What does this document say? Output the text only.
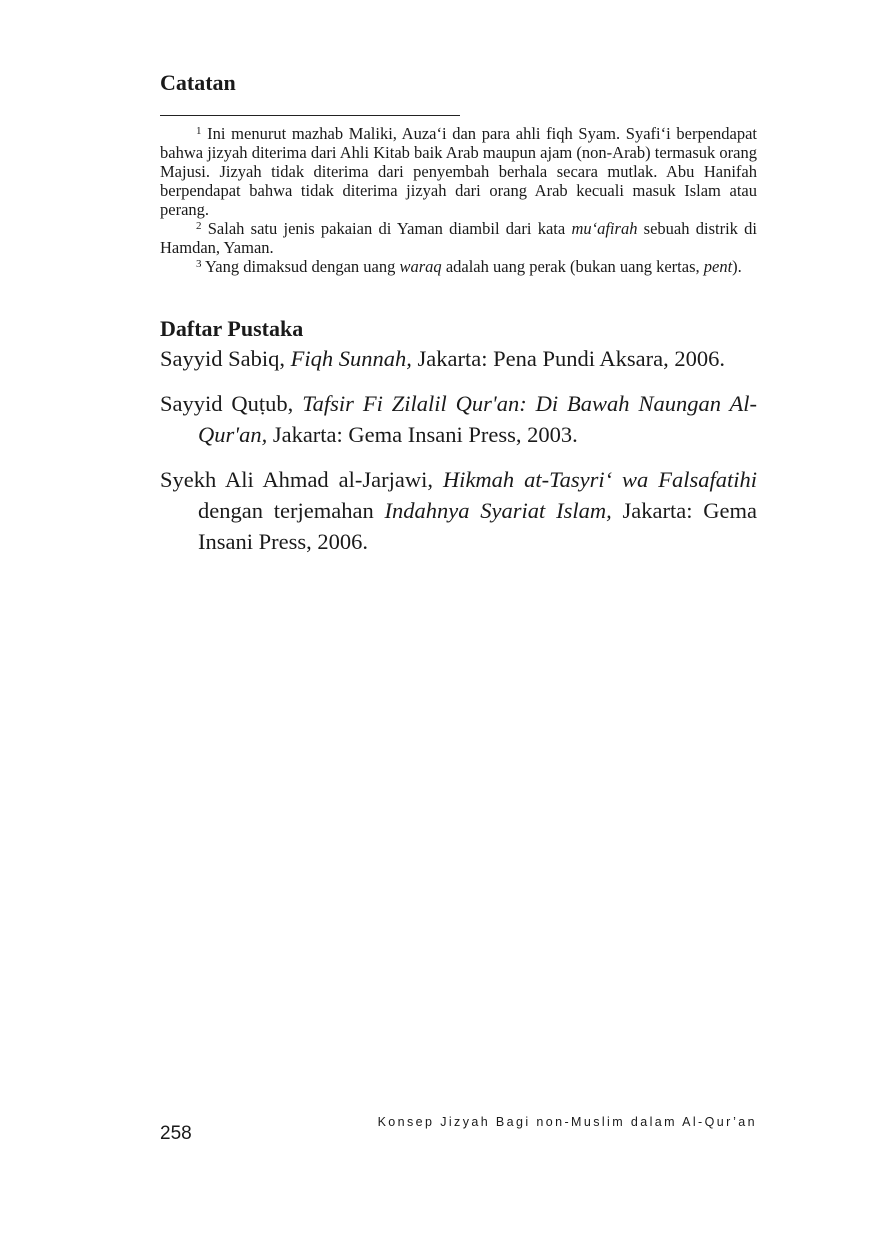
Catatan

$^1$ Ini menurut mazhab Maliki, Auza‘i dan para ahli fiqh Syam. Syafi‘i berpendapat bahwa jizyah diterima dari Ahli Kitab baik Arab maupun ajam (non-Arab) termasuk orang Majusi. Jizyah tidak diterima dari penyembah berhala secara mutlak. Abu Hanifah berpendapat bahwa tidak diterima jizyah dari orang Arab kecuali masuk Islam atau perang.

$^2$ Salah satu jenis pakaian di Yaman diambil dari kata mu‘afirah sebuah distrik di Hamdan, Yaman.

$^3$ Yang dimaksud dengan uang waraq adalah uang perak (bukan uang kertas, pent).

Daftar Pustaka

Sayyid Sabiq, Fiqh Sunnah, Jakarta: Pena Pundi Aksara, 2006.

Sayyid Quṭub, Tafsir Fi Zilalil Qur'an: Di Bawah Naungan Al-Qur'an, Jakarta: Gema Insani Press, 2003.

Syekh Ali Ahmad al-Jarjawi, Hikmah at-Tasyri‘ wa Falsafatihi dengan terjemahan Indahnya Syariat Islam, Jakarta: Gema Insani Press, 2006.

Konsep Jizyah Bagi non-Muslim dalam Al-Qur’an
258
